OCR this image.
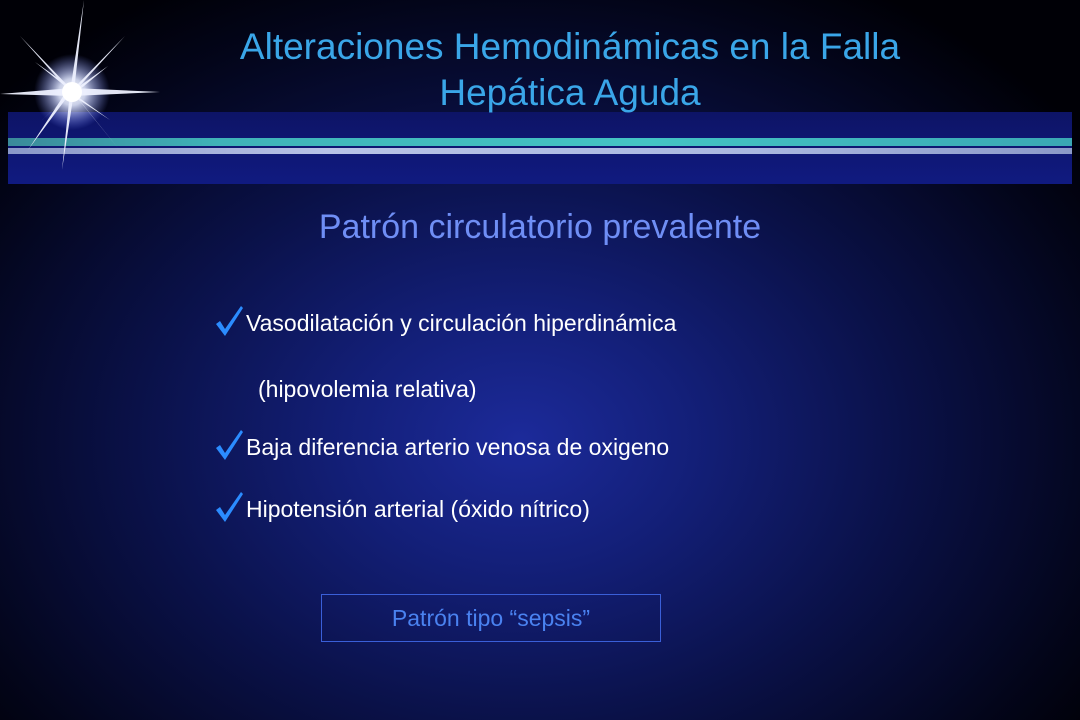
Alteraciones Hemodinámicas en la Falla
Hepática Aguda
Patrón circulatorio prevalente
Vasodilatación y circulación hiperdinámica
(hipovolemia relativa)
Baja diferencia arterio venosa de oxigeno
Hipotensión arterial (óxido nítrico)
Patrón tipo “sepsis”
